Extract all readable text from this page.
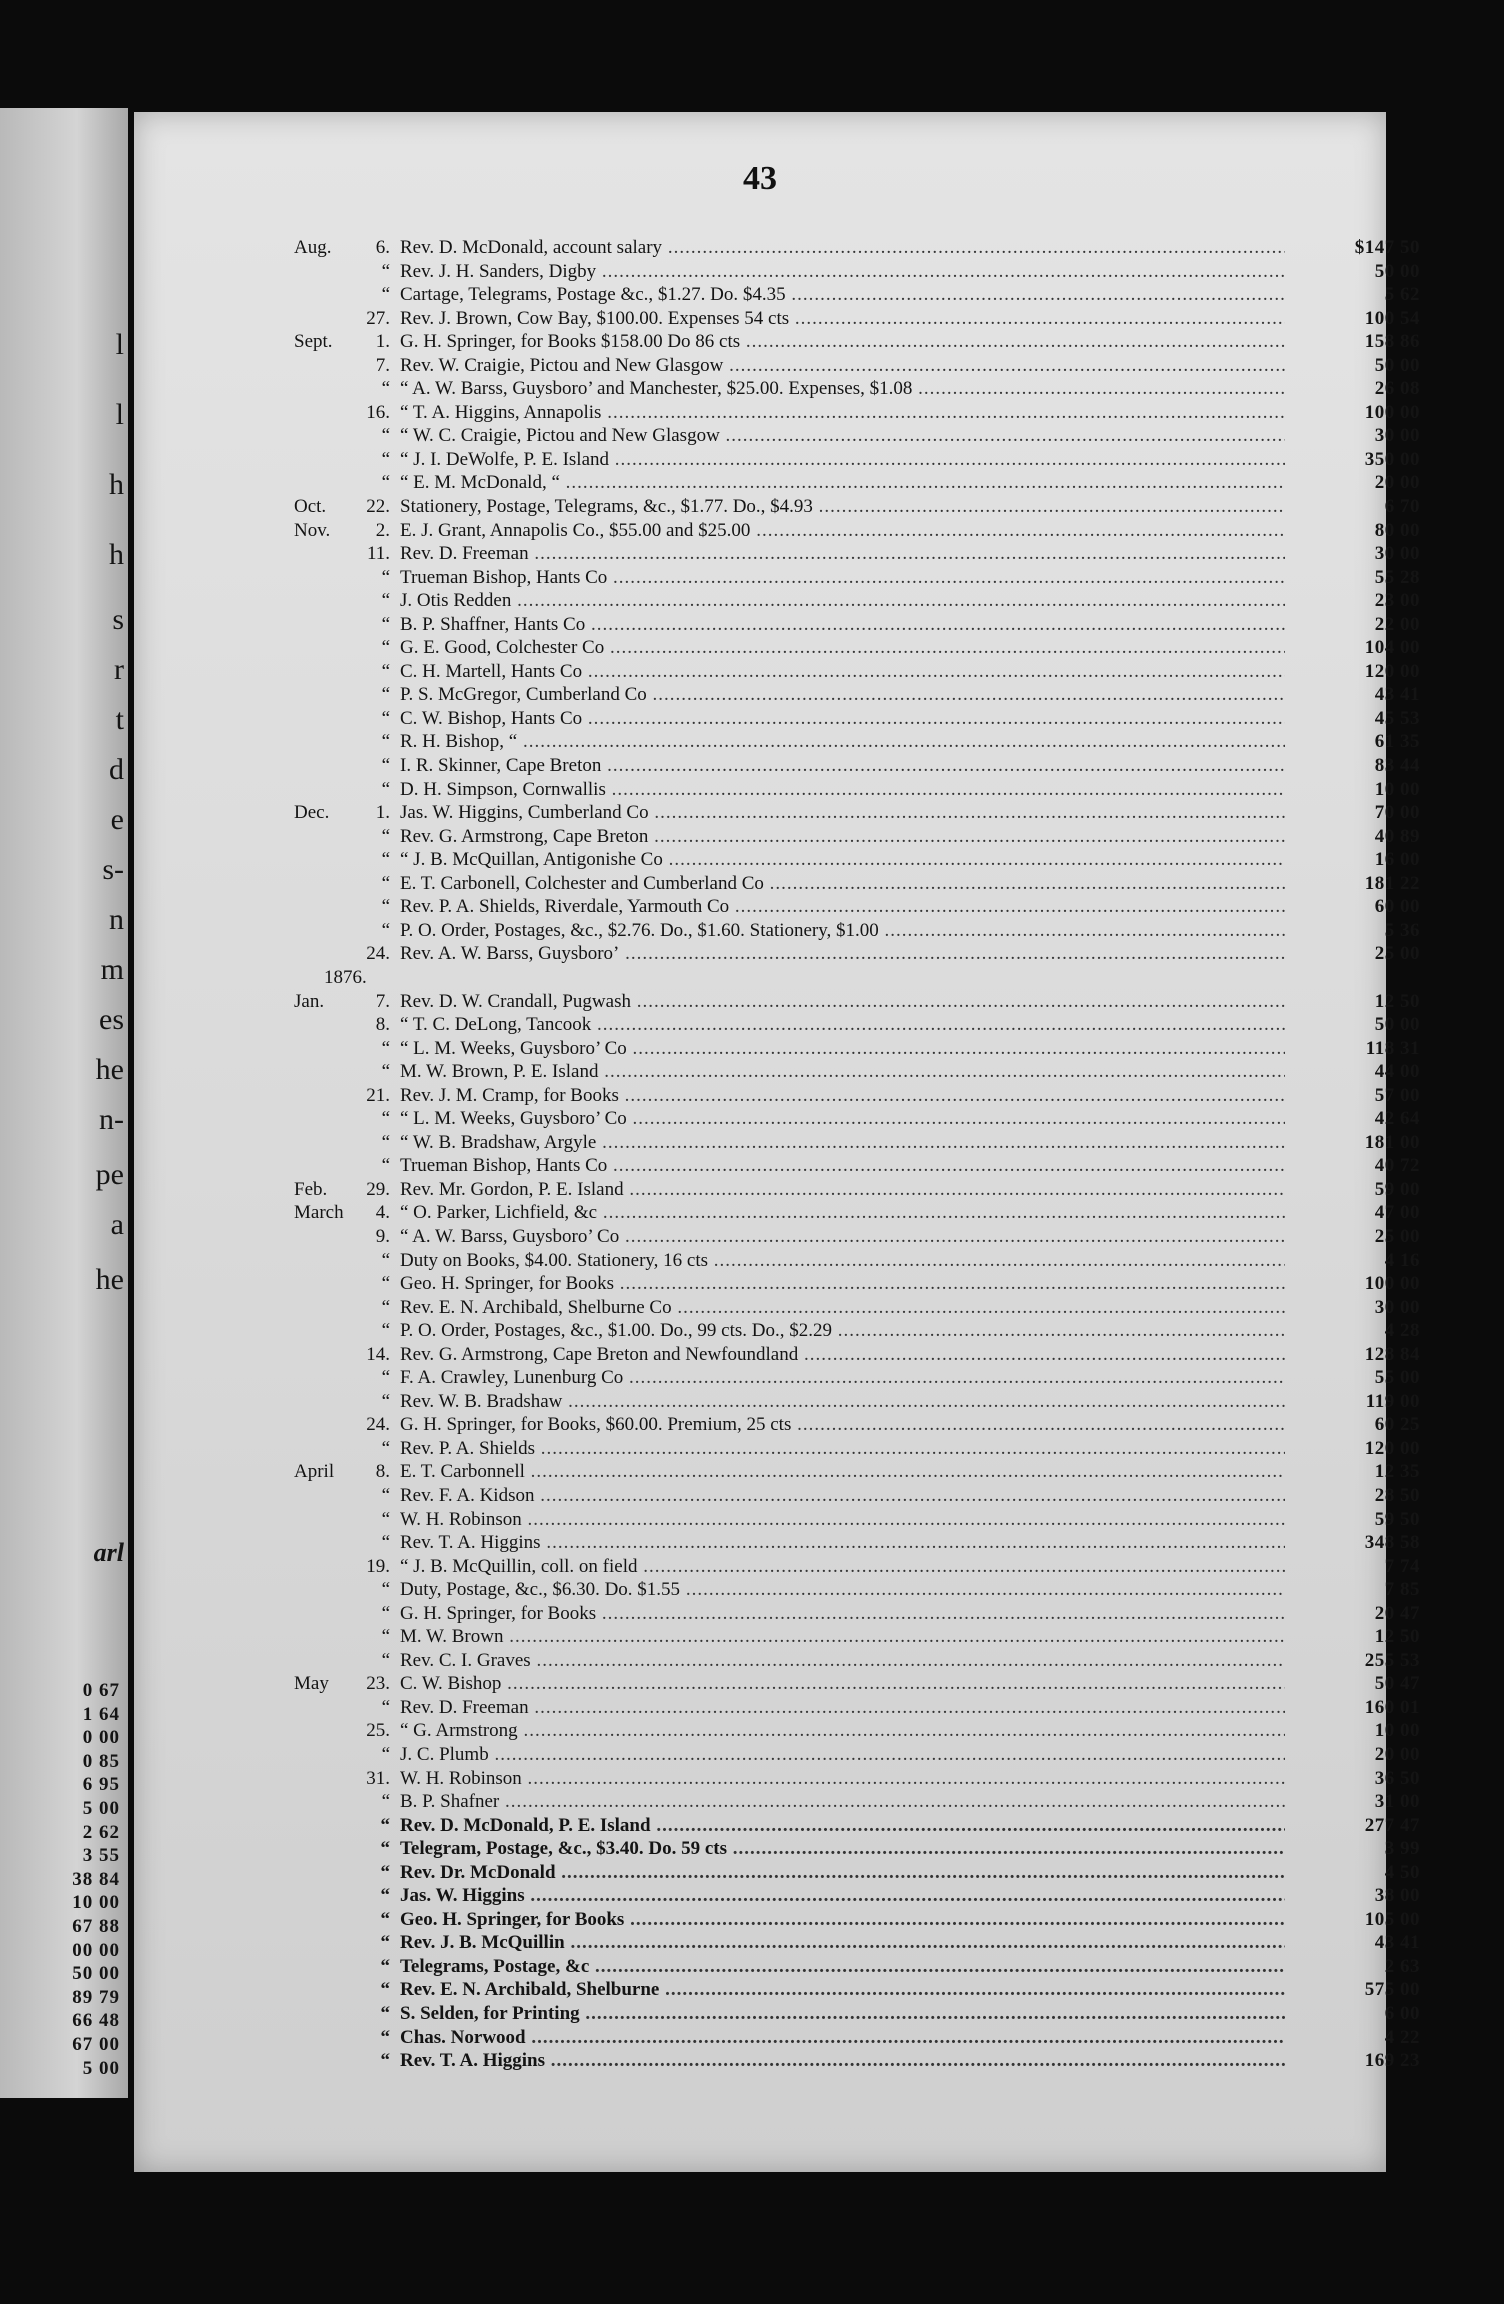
l
l
h
h
s
r
t
d
e
s-
n
m
es
he
n-
pe
a
he
arl
0 67
1 64
0 00
0 85
6 95
5 00
2 62
3 55
38 84
10 00
67 88
00 00
50 00
89 79
66 48
67 00
5 00
43
Aug.	6. Rev. D. McDonald, account salary .....	$147 50
“ Rev. J. H. Sanders, Digby .....	50 00
“ Cartage, Telegrams, Postage &c., $1.27. Do. $4.35 .....	5 62
27. Rev. J. Brown, Cow Bay, $100.00. Expenses 54 cts .....	100 54
Sept.	1. G. H. Springer, for Books $158.00 Do 86 cts .....	158 86
7. Rev. W. Craigie, Pictou and New Glasgow .....	50 00
“ “ A. W. Barss, Guysboro’ and Manchester, $25.00. Expenses, $1.08 .....	26 08
16. “ T. A. Higgins, Annapolis .....	100 00
“ “ W. C. Craigie, Pictou and New Glasgow .....	30 00
“ “ J. I. DeWolfe, P. E. Island .....	350 00
“ “ E. M. McDonald, “ .....	20 00
Oct.	22. Stationery, Postage, Telegrams, &c., $1.77. Do., $4.93 .....	6 70
Nov.	2. E. J. Grant, Annapolis Co., $55.00 and $25.00 .....	80 00
11. Rev. D. Freeman .....	30 00
“ Trueman Bishop, Hants Co .....	55 28
“ J. Otis Redden .....	23 00
“ B. P. Shaffner, Hants Co .....	22 00
“ G. E. Good, Colchester Co .....	104 00
“ C. H. Martell, Hants Co .....	120 00
“ P. S. McGregor, Cumberland Co .....	43 41
“ C. W. Bishop, Hants Co .....	45 53
“ R. H. Bishop, “ .....	61 35
“ I. R. Skinner, Cape Breton .....	83 44
“ D. H. Simpson, Cornwallis .....	10 00
Dec.	1. Jas. W. Higgins, Cumberland Co .....	70 00
“ Rev. G. Armstrong, Cape Breton .....	40 89
“ “ J. B. McQuillan, Antigonishe Co .....	16 00
“ E. T. Carbonell, Colchester and Cumberland Co .....	181 22
“ Rev. P. A. Shields, Riverdale, Yarmouth Co .....	60 00
“ P. O. Order, Postages, &c., $2.76. Do., $1.60. Stationery, $1.00 .....	5 36
24. Rev. A. W. Barss, Guysboro’ .....	25 00
1876.
Jan.	7. Rev. D. W. Crandall, Pugwash .....	12 50
8. “ T. C. DeLong, Tancook .....	50 00
“ “ L. M. Weeks, Guysboro’ Co .....	118 31
“ M. W. Brown, P. E. Island .....	44 00
21. Rev. J. M. Cramp, for Books .....	57 00
“ “ L. M. Weeks, Guysboro’ Co .....	42 64
“ “ W. B. Bradshaw, Argyle .....	181 00
“ Trueman Bishop, Hants Co .....	40 72
Feb.	29. Rev. Mr. Gordon, P. E. Island .....	59 00
March	4. “ O. Parker, Lichfield, &c .....	47 00
9. “ A. W. Barss, Guysboro’ Co .....	25 00
“ Duty on Books, $4.00. Stationery, 16 cts .....	4 16
“ Geo. H. Springer, for Books .....	100 00
“ Rev. E. N. Archibald, Shelburne Co .....	30 00
“ P. O. Order, Postages, &c., $1.00. Do., 99 cts. Do., $2.29 .....	4 28
14. Rev. G. Armstrong, Cape Breton and Newfoundland .....	128 84
“ F. A. Crawley, Lunenburg Co .....	55 00
“ Rev. W. B. Bradshaw .....	119 00
24. G. H. Springer, for Books, $60.00. Premium, 25 cts .....	60 25
“ Rev. P. A. Shields .....	120 00
April	8. E. T. Carbonnell .....	12 35
“ Rev. F. A. Kidson .....	28 50
“ W. H. Robinson .....	59 50
“ Rev. T. A. Higgins .....	348 58
19. “ J. B. McQuillin, coll. on field .....	7 74
“ Duty, Postage, &c., $6.30. Do. $1.55 .....	7 85
“ G. H. Springer, for Books .....	20 47
“ M. W. Brown .....	12 50
“ Rev. C. I. Graves .....	255 53
May	23. C. W. Bishop .....	50 47
“ Rev. D. Freeman .....	160 01
25. “ G. Armstrong .....	10 00
“ J. C. Plumb .....	20 00
31. W. H. Robinson .....	36 50
“ B. P. Shafner .....	31 00
“ Rev. D. McDonald, P. E. Island .....	277 47
“ Telegram, Postage, &c., $3.40. Do. 59 cts .....	3 99
“ Rev. Dr. McDonald .....	4 50
“ Jas. W. Higgins .....	38 00
“ Geo. H. Springer, for Books .....	105 00
“ Rev. J. B. McQuillin .....	43 41
“ Telegrams, Postage, &c .....	2 63
“ Rev. E. N. Archibald, Shelburne .....	575 00
“ S. Selden, for Printing .....	6 00
“ Chas. Norwood .....	4 22
“ Rev. T. A. Higgins .....	169 23
